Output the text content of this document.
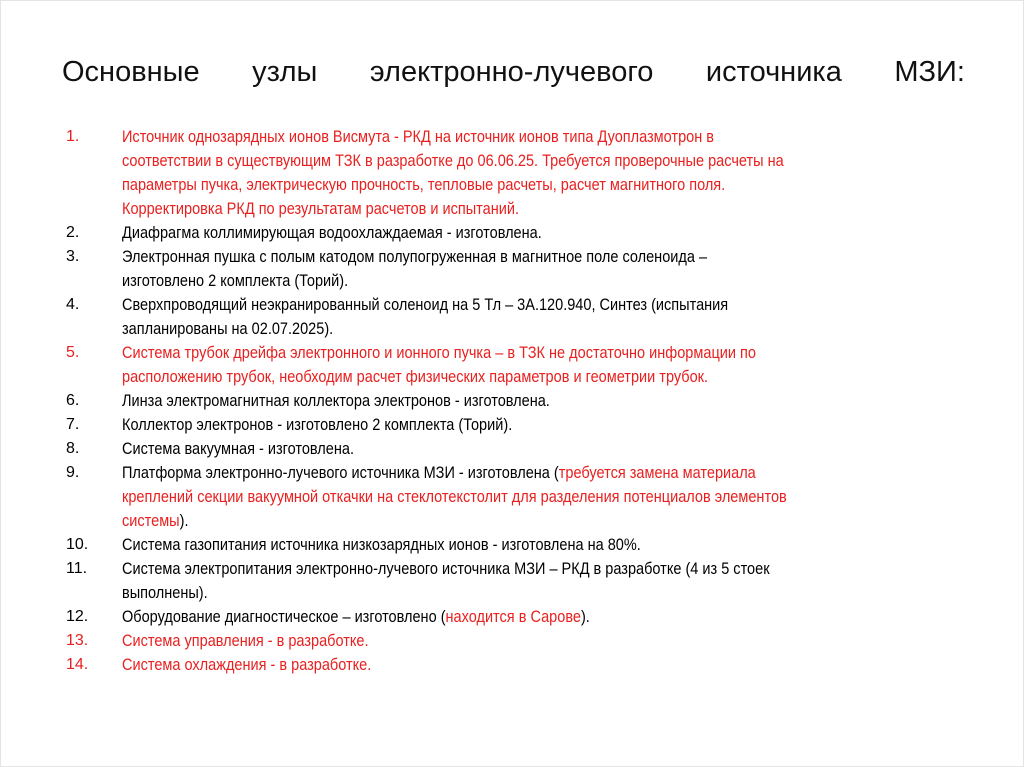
Основные узлы электронно-лучевого источника МЗИ:
1.	Источник однозарядных ионов Висмута - РКД на источник ионов типа Дуоплазмотрон в
соответствии в существующим ТЗК в разработке до 06.06.25. Требуется проверочные расчеты на
параметры пучка, электрическую прочность, тепловые расчеты, расчет магнитного поля.
Корректировка РКД по результатам расчетов и испытаний.
2.	Диафрагма коллимирующая водоохлаждаемая - изготовлена.
3.	Электронная пушка с полым катодом полупогруженная в магнитное поле соленоида –
изготовлено 2 комплекта (Торий).
4.	Сверхпроводящий неэкранированный соленоид на 5 Тл – 3А.120.940, Синтез (испытания
запланированы на 02.07.2025).
5.	Система трубок дрейфа электронного и ионного пучка – в ТЗК не достаточно информации по
расположению трубок, необходим расчет физических параметров и геометрии трубок.
6.	Линза электромагнитная коллектора электронов - изготовлена.
7.	Коллектор электронов - изготовлено 2 комплекта (Торий).
8.	Система вакуумная - изготовлена.
9.	Платформа электронно-лучевого источника МЗИ - изготовлена (требуется замена материала
креплений секции вакуумной откачки на стеклотекстолит для разделения потенциалов элементов
системы).
10. Система газопитания источника низкозарядных ионов - изготовлена на 80%.
11. Система электропитания электронно-лучевого источника МЗИ – РКД в разработке (4 из 5 стоек
выполнены).
12. Оборудование диагностическое – изготовлено (находится в Сарове).
13. Система управления - в разработке.
14. Система охлаждения - в разработке.
